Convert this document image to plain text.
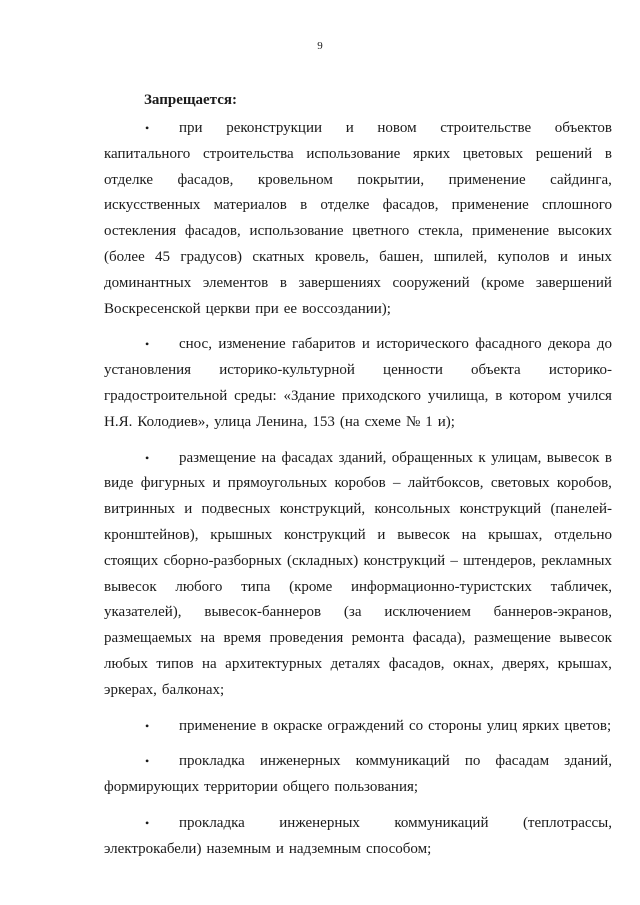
9
Запрещается:
• при реконструкции и новом строительстве объектов
капитального строительства использование ярких цветовых решений в
отделке фасадов, кровельном покрытии, применение сайдинга,
искусственных материалов в отделке фасадов, применение сплошного
остекления фасадов, использование цветного стекла, применение высоких
(более 45 градусов) скатных кровель, башен, шпилей, куполов и иных
доминантных элементов в завершениях сооружений (кроме завершений
Воскресенской церкви при ее воссоздании);
• снос, изменение габаритов и исторического фасадного декора до
установления историко-культурной ценности объекта историко-
градостроительной среды: «Здание приходского училища, в котором учился
Н.Я. Колодиев», улица Ленина, 153 (на схеме № 1 и);
• размещение на фасадах зданий, обращенных к улицам, вывесок в
виде фигурных и прямоугольных коробов – лайтбоксов, световых коробов,
витринных и подвесных конструкций, консольных конструкций (панелей-
кронштейнов), крышных конструкций и вывесок на крышах, отдельно
стоящих сборно-разборных (складных) конструкций – штендеров, рекламных
вывесок любого типа (кроме информационно-туристских табличек,
указателей), вывесок-баннеров (за исключением баннеров-экранов,
размещаемых на время проведения ремонта фасада), размещение вывесок
любых типов на архитектурных деталях фасадов, окнах, дверях, крышах,
эркерах, балконах;
• применение в окраске ограждений со стороны улиц ярких цветов;
• прокладка инженерных коммуникаций по фасадам зданий,
формирующих территории общего пользования;
• прокладка инженерных коммуникаций (теплотрассы,
электрокабели) наземным и надземным способом;
